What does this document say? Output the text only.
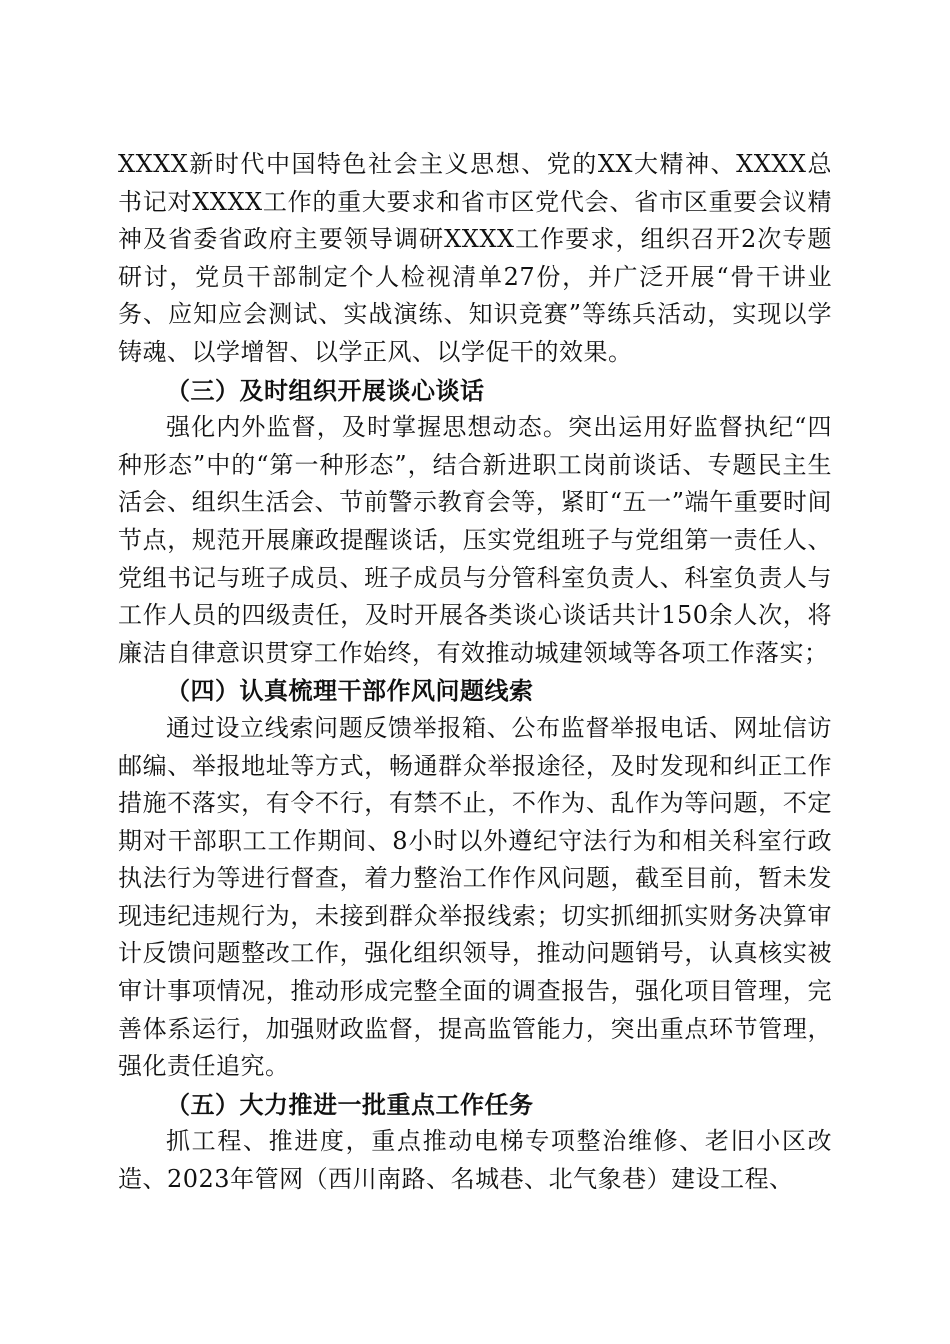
XXXX新时代中国特色社会主义思想、党的XX大精神、XXXX总书记对XXXX工作的重大要求和省市区党代会、省市区重要会议精神及省委省政府主要领导调研XXXX工作要求，组织召开2次专题研讨，党员干部制定个人检视清单27份，并广泛开展“骨干讲业务、应知应会测试、实战演练、知识竞赛”等练兵活动，实现以学铸魂、以学增智、以学正风、以学促干的效果。

（三）及时组织开展谈心谈话

强化内外监督，及时掌握思想动态。突出运用好监督执纪“四种形态”中的“第一种形态”，结合新进职工岗前谈话、专题民主生活会、组织生活会、节前警示教育会等，紧盯“五一”端午重要时间节点，规范开展廉政提醒谈话，压实党组班子与党组第一责任人、党组书记与班子成员、班子成员与分管科室负责人、科室负责人与工作人员的四级责任，及时开展各类谈心谈话共计150余人次，将廉洁自律意识贯穿工作始终，有效推动城建领域等各项工作落实；

（四）认真梳理干部作风问题线索

通过设立线索问题反馈举报箱、公布监督举报电话、网址信访邮编、举报地址等方式，畅通群众举报途径，及时发现和纠正工作措施不落实，有令不行，有禁不止，不作为、乱作为等问题，不定期对干部职工工作期间、8小时以外遵纪守法行为和相关科室行政执法行为等进行督查，着力整治工作作风问题，截至目前，暂未发现违纪违规行为，未接到群众举报线索；切实抓细抓实财务决算审计反馈问题整改工作，强化组织领导，推动问题销号，认真核实被审计事项情况，推动形成完整全面的调查报告，强化项目管理，完善体系运行，加强财政监督，提高监管能力，突出重点环节管理，强化责任追究。

（五）大力推进一批重点工作任务

抓工程、推进度，重点推动电梯专项整治维修、老旧小区改造、2023年管网（西川南路、名城巷、北气象巷）建设工程、
